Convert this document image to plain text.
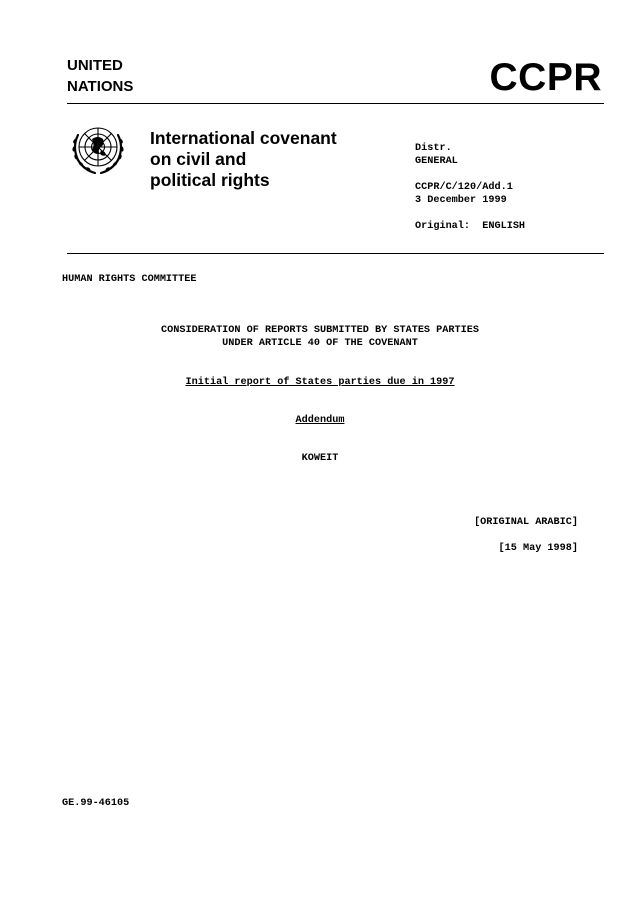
UNITED
NATIONS	CCPR
International covenant
on civil and
political rights
Distr.
GENERAL
CCPR/C/120/Add.1
3 December 1999
Original:  ENGLISH
HUMAN RIGHTS COMMITTEE
CONSIDERATION OF REPORTS SUBMITTED BY STATES PARTIES
UNDER ARTICLE 40 OF THE COVENANT
Initial report of States parties due in 1997
Addendum
KOWEIT
[ORIGINAL ARABIC]
[15 May 1998]
GE.99-46105
